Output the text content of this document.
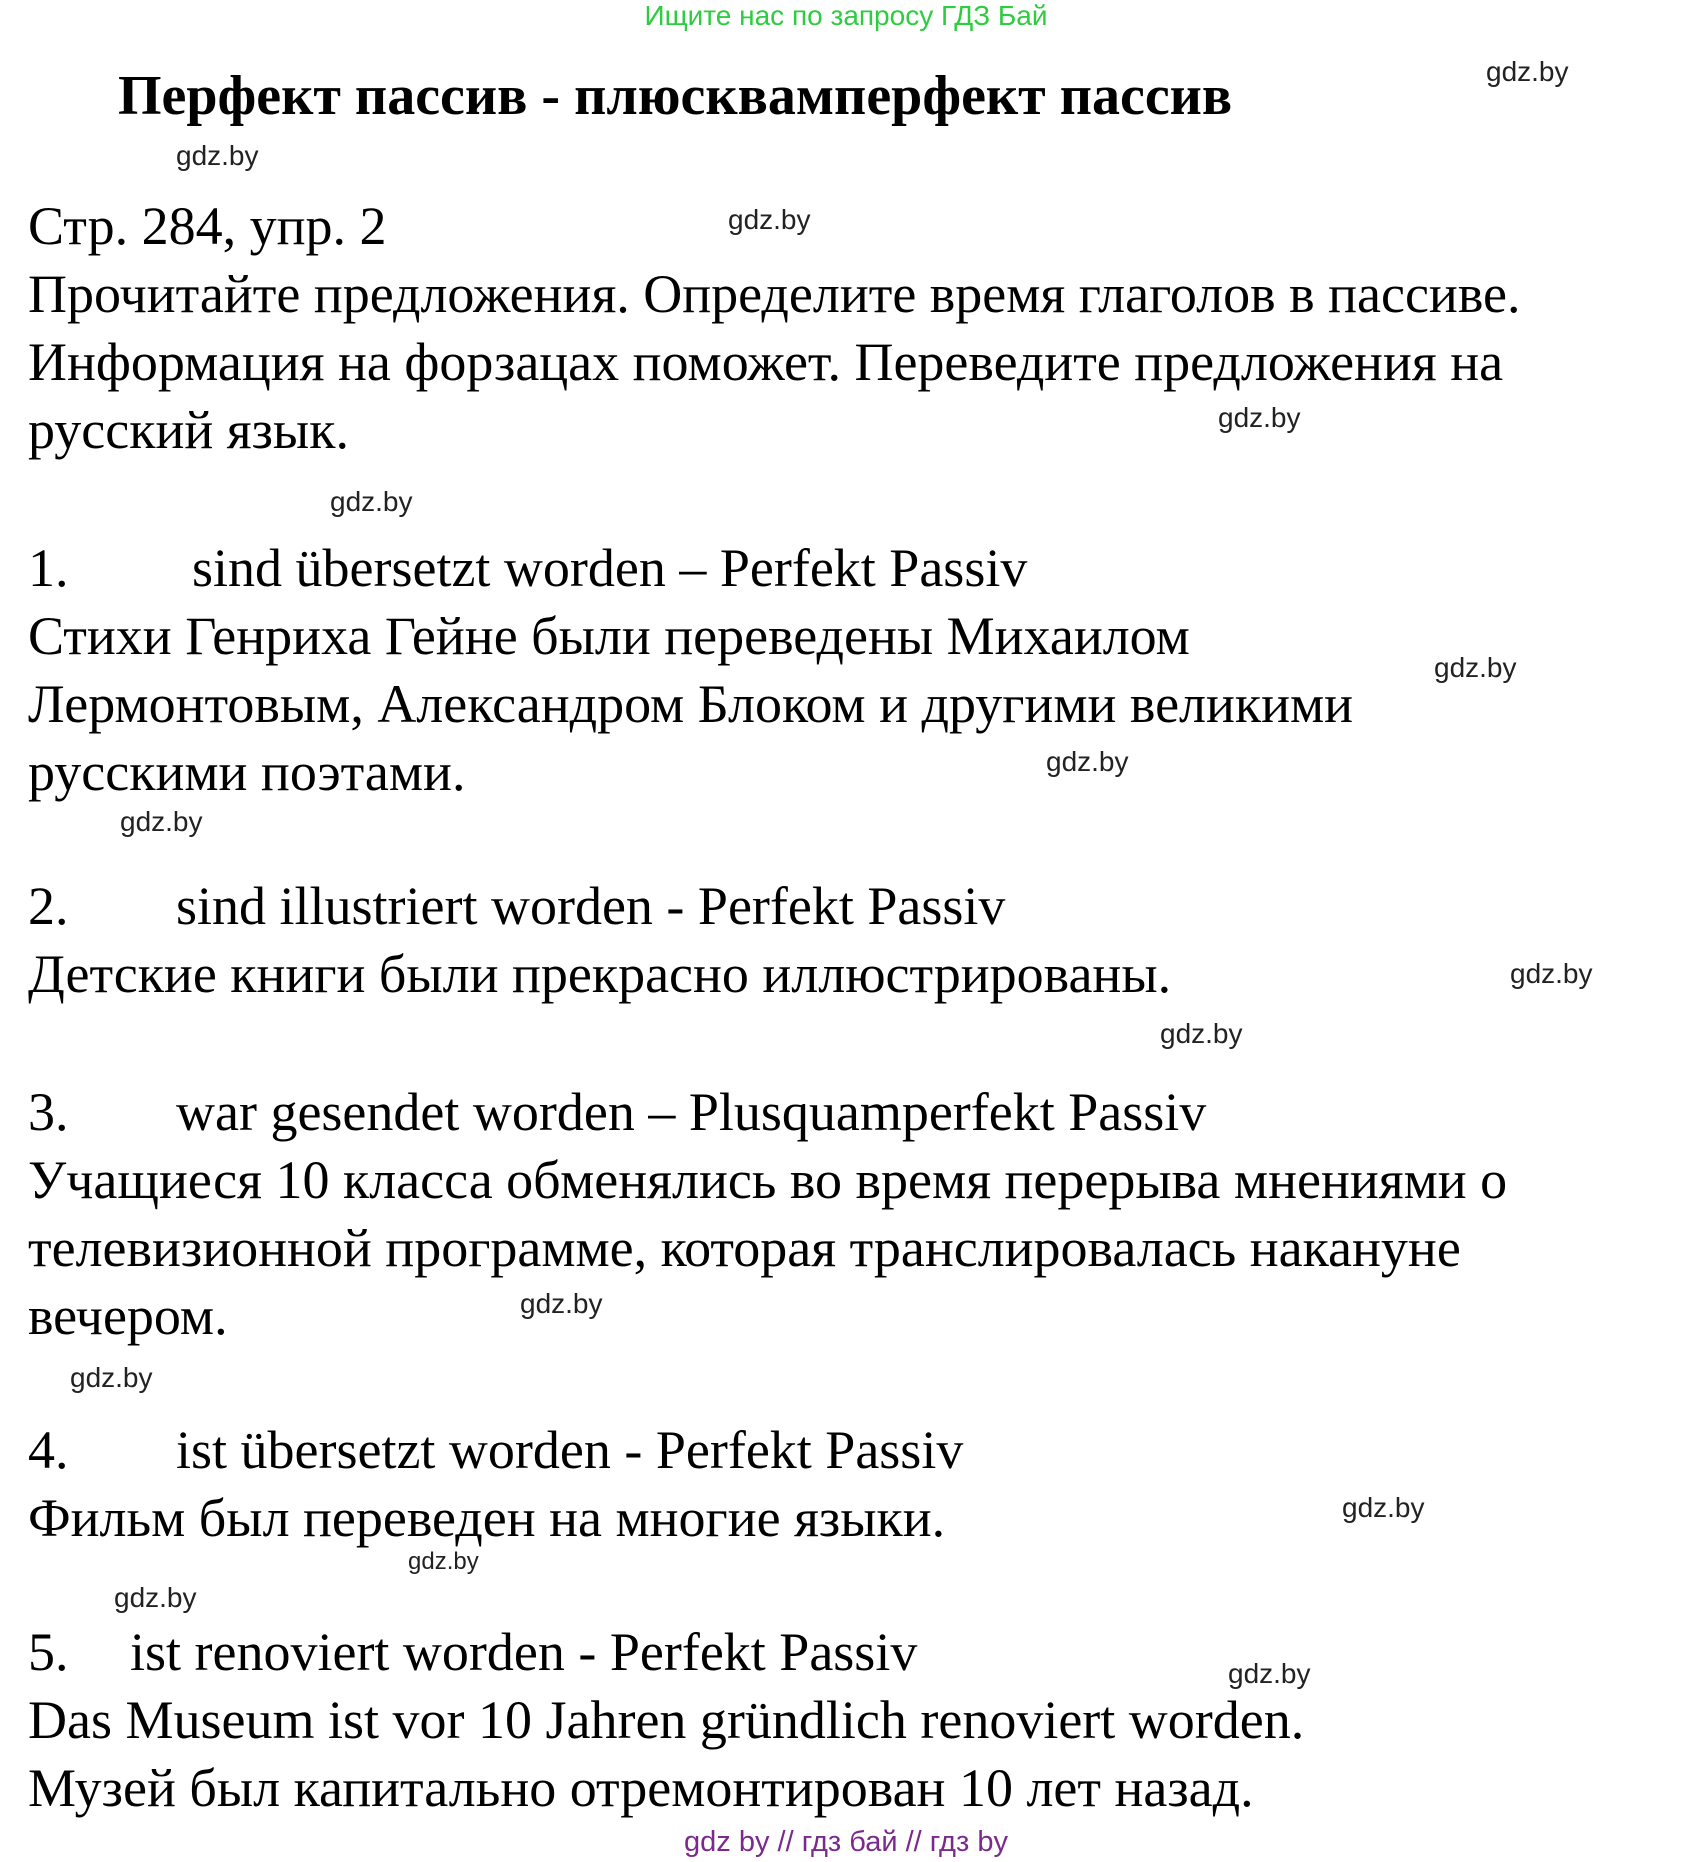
Ищите нас по запросу ГДЗ Бай
Перфект пассив - плюсквамперфект пассив	gdz.by
gdz.by
gdz.by
gdz.by
gdz.by
gdz.by
gdz.by
gdz.by
gdz.by
gdz.by
gdz.by
gdz.by
gdz.by
gdz.by
gdz.by
gdz.by
Стр. 284, упр. 2
Прочитайте предложения. Определите время глаголов в пассиве.
Информация на форзацах поможет. Переведите предложения на
русский язык.
1. sind übersetzt worden – Perfekt Passiv
Стихи Генриха Гейне были переведены Михаилом
Лермонтовым, Александром Блоком и другими великими
русскими поэтами.
2. sind illustriert worden - Perfekt Passiv
Детские книги были прекрасно иллюстрированы.
3. war gesendet worden – Plusquamperfekt Passiv
Учащиеся 10 класса обменялись во время перерыва мнениями о
телевизионной программе, которая транслировалась накануне
вечером.
4. ist übersetzt worden - Perfekt Passiv
Фильм был переведен на многие языки.
5. ist renoviert worden - Perfekt Passiv
Das Museum ist vor 10 Jahren gründlich renoviert worden.
Музей был капитально отремонтирован 10 лет назад.
gdz by // гдз бай // гдз by
